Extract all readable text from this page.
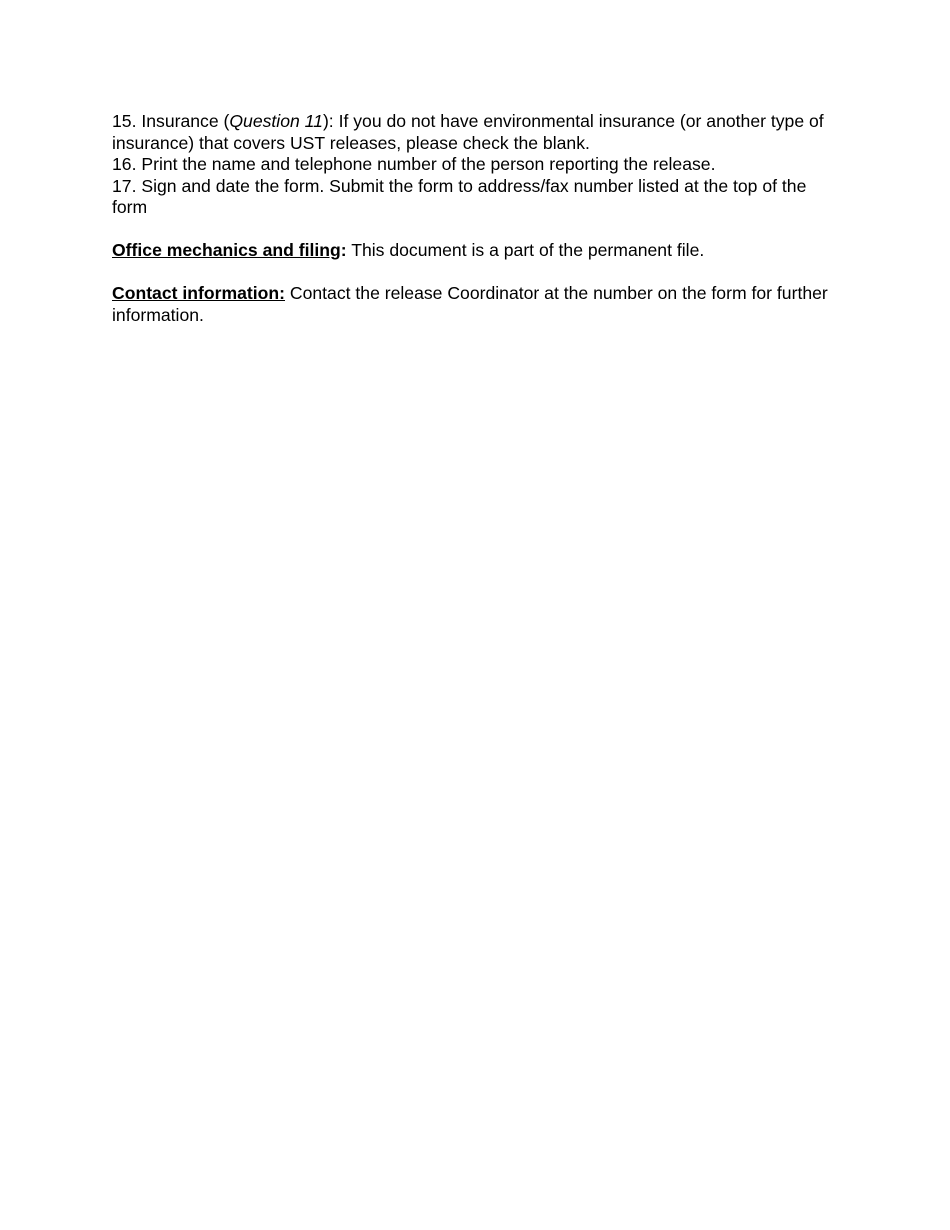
15. Insurance (Question 11): If you do not have environmental insurance (or another type of insurance) that covers UST releases, please check the blank.

16. Print the name and telephone number of the person reporting the release.

17. Sign and date the form. Submit the form to address/fax number listed at the top of the form

Office mechanics and filing: This document is a part of the permanent file.

Contact information: Contact the release Coordinator at the number on the form for further information.
